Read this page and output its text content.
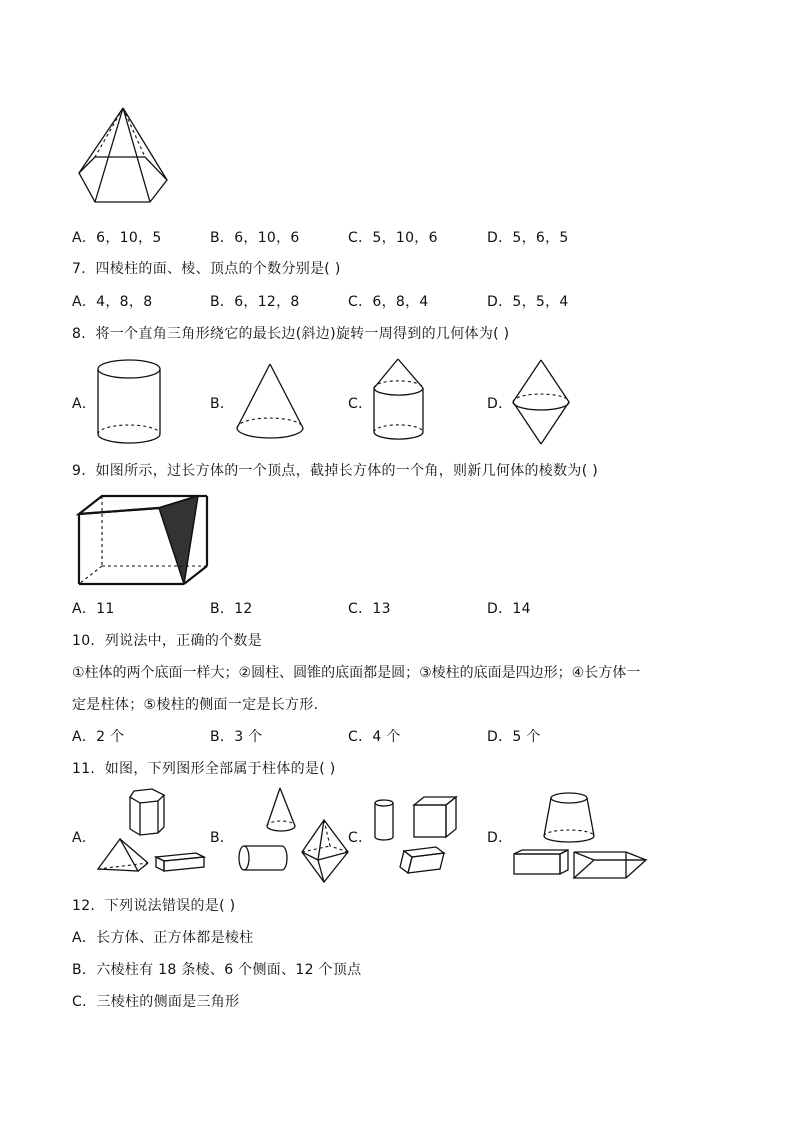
A．6，10，5	B．6，10，6	C．5，10，6	D．5，6，5
7．四棱柱的面、棱、顶点的个数分别是( )
A．4，8，8	B．6，12，8	C．6，8，4	D．5，5，4
8．将一个直角三角形绕它的最长边(斜边)旋转一周得到的几何体为( )
A．	B．	C．	D．
9．如图所示，过长方体的一个顶点，截掉长方体的一个角，则新几何体的棱数为( )
A．11	B．12	C．13	D．14
10．列说法中，正确的个数是
①柱体的两个底面一样大；②圆柱、圆锥的底面都是圆；③棱柱的底面是四边形；④长方体一
定是柱体；⑤棱柱的侧面一定是长方形.
A．2 个	B．3 个	C．4 个	D．5 个
11．如图，下列图形全部属于柱体的是( )
A．	B．	C．	D．
12．下列说法错误的是( )
A．长方体、正方体都是棱柱
B．六棱柱有 18 条棱、6 个侧面、12 个顶点
C．三棱柱的侧面是三角形
